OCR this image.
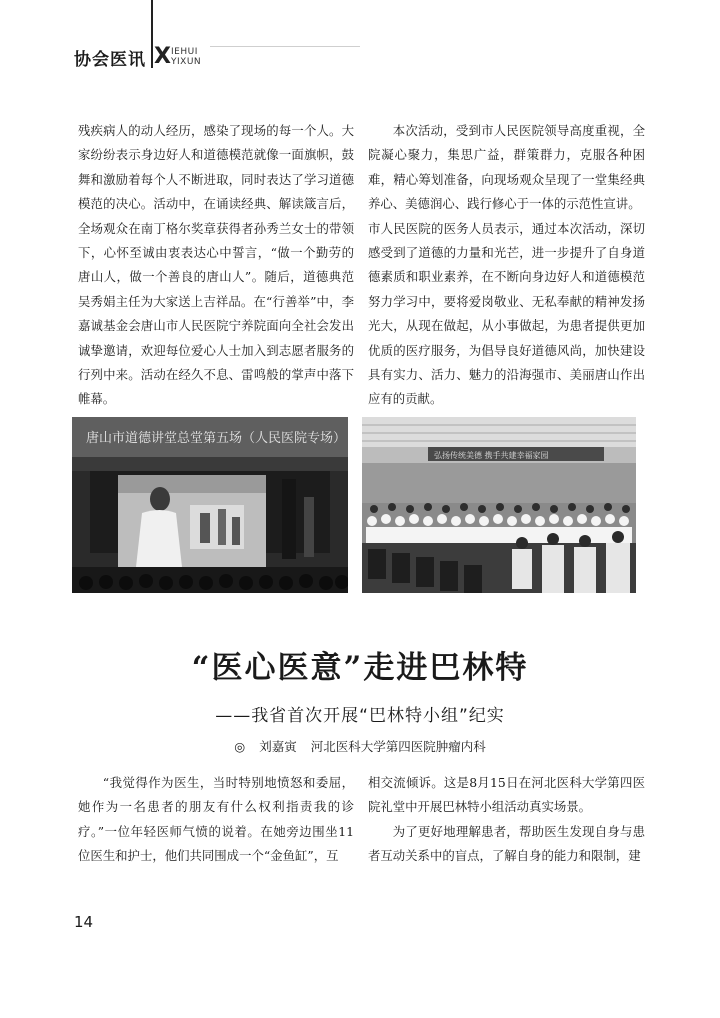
协会医讯 X IEHUI
YIXUN

残疾病人的动人经历，感染了现场的每一个人。大家纷纷表示身边好人和道德模范就像一面旗帜，鼓舞和激励着每个人不断进取，同时表达了学习道德模范的决心。活动中，在诵读经典、解读箴言后，全场观众在南丁格尔奖章获得者孙秀兰女士的带领下，心怀至诚由衷表达心中誓言，“做一个勤劳的唐山人，做一个善良的唐山人”。随后，道德典范吴秀娟主任为大家送上吉祥品。在“行善举”中，李嘉诚基金会唐山市人民医院宁养院面向全社会发出诚挚邀请，欢迎每位爱心人士加入到志愿者服务的行列中来。活动在经久不息、雷鸣般的掌声中落下帷幕。

本次活动，受到市人民医院领导高度重视，全院凝心聚力，集思广益，群策群力，克服各种困难，精心筹划准备，向现场观众呈现了一堂集经典养心、美德润心、践行修心于一体的示范性宣讲。

市人民医院的医务人员表示，通过本次活动，深切感受到了道德的力量和光芒，进一步提升了自身道德素质和职业素养，在不断向身边好人和道德模范努力学习中，要将爱岗敬业、无私奉献的精神发扬光大，从现在做起，从小事做起，为患者提供更加优质的医疗服务，为倡导良好道德风尚，加快建设具有实力、活力、魅力的沿海强市、美丽唐山作出应有的贡献。

唐山市道德讲堂总堂第五场（人民医院专场）
弘扬传统美德 携手共建幸福家园
“医心医意”走进巴林特
——我省首次开展“巴林特小组”纪实
◎ 刘嘉寅 河北医科大学第四医院肿瘤内科

“我觉得作为医生，当时特别地愤怒和委屈，她作为一名患者的朋友有什么权利指责我的诊疗。”一位年轻医师气愤的说着。在她旁边围坐11位医生和护士，他们共同围成一个“金鱼缸”，互

相交流倾诉。这是8月15日在河北医科大学第四医院礼堂中开展巴林特小组活动真实场景。

为了更好地理解患者，帮助医生发现自身与患者互动关系中的盲点，了解自身的能力和限制，建

14
